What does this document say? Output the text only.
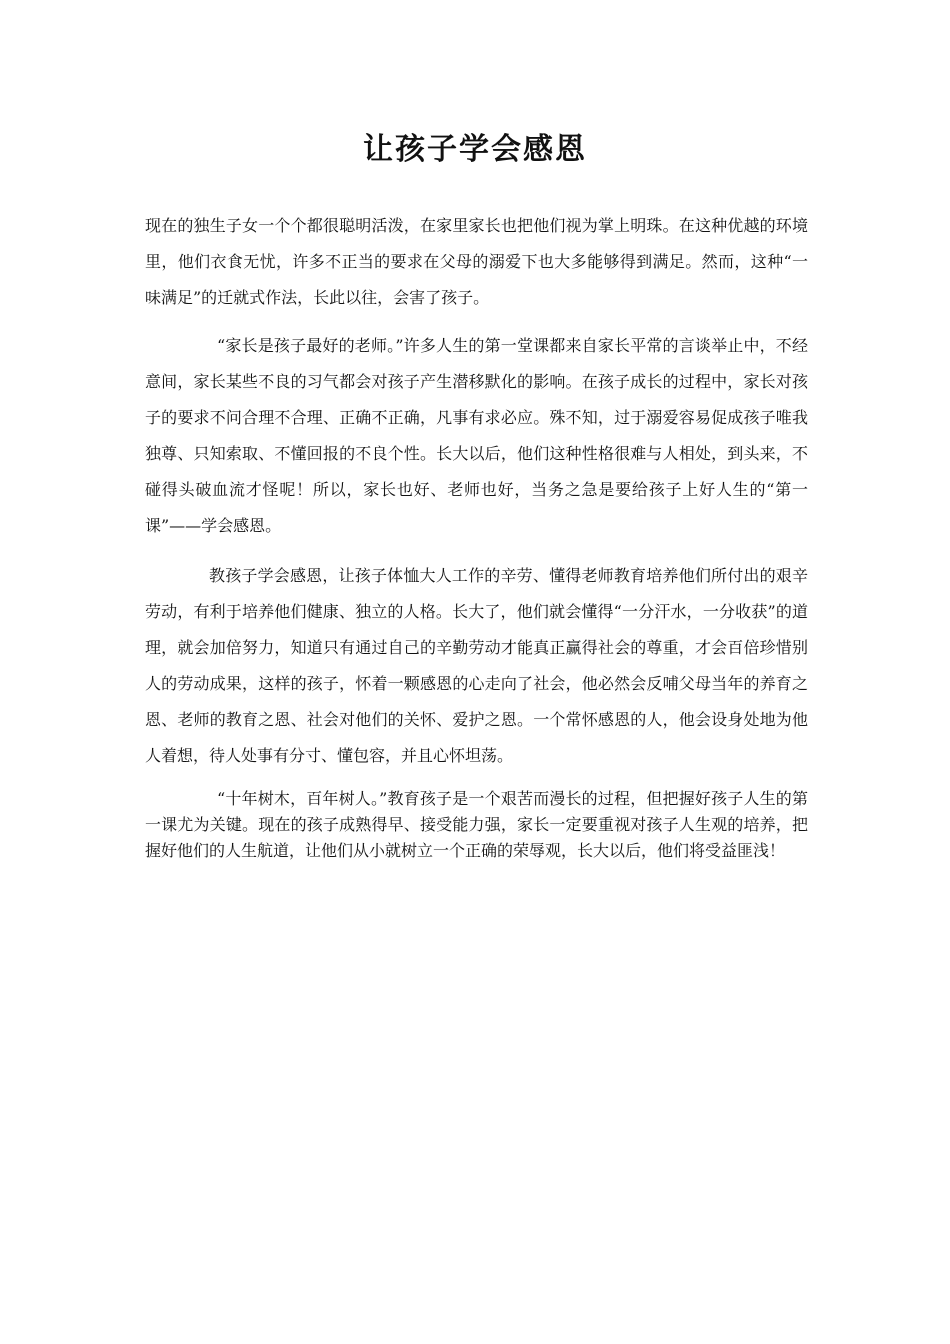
让孩子学会感恩

现在的独生子女一个个都很聪明活泼，在家里家长也把他们视为掌上明珠。在这种优越的环境里，他们衣食无忧，许多不正当的要求在父母的溺爱下也大多能够得到满足。然而，这种“一味满足”的迁就式作法，长此以往，会害了孩子。

“家长是孩子最好的老师。”许多人生的第一堂课都来自家长平常的言谈举止中，不经意间，家长某些不良的习气都会对孩子产生潜移默化的影响。在孩子成长的过程中，家长对孩子的要求不问合理不合理、正确不正确，凡事有求必应。殊不知，过于溺爱容易促成孩子唯我独尊、只知索取、不懂回报的不良个性。长大以后，他们这种性格很难与人相处，到头来，不碰得头破血流才怪呢！所以，家长也好、老师也好，当务之急是要给孩子上好人生的“第一课”——学会感恩。

教孩子学会感恩，让孩子体恤大人工作的辛劳、懂得老师教育培养他们所付出的艰辛劳动，有利于培养他们健康、独立的人格。长大了，他们就会懂得“一分汗水，一分收获”的道理，就会加倍努力，知道只有通过自己的辛勤劳动才能真正赢得社会的尊重，才会百倍珍惜别人的劳动成果，这样的孩子，怀着一颗感恩的心走向了社会，他必然会反哺父母当年的养育之恩、老师的教育之恩、社会对他们的关怀、爱护之恩。一个常怀感恩的人，他会设身处地为他人着想，待人处事有分寸、懂包容，并且心怀坦荡。

“十年树木，百年树人。”教育孩子是一个艰苦而漫长的过程，但把握好孩子人生的第一课尤为关键。现在的孩子成熟得早、接受能力强，家长一定要重视对孩子人生观的培养，把握好他们的人生航道，让他们从小就树立一个正确的荣辱观，长大以后，他们将受益匪浅！
